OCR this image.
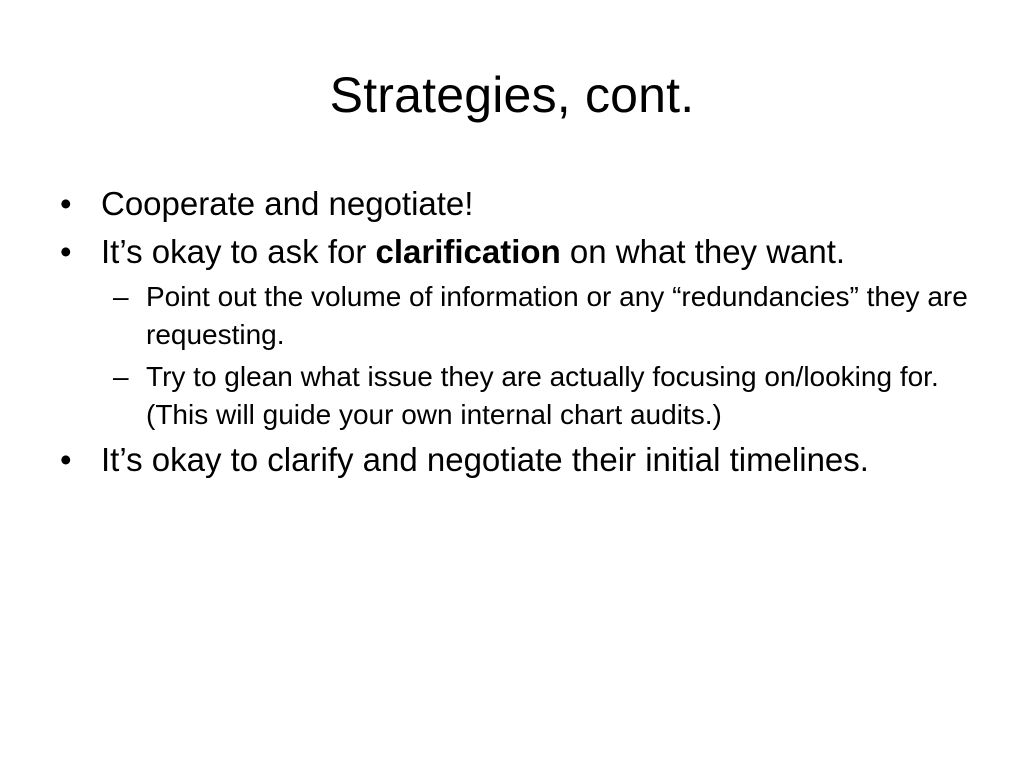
Strategies, cont.

• Cooperate and negotiate!

• It’s okay to ask for clarification on what they want.

– Point out the volume of information or any “redundancies” they are requesting.

– Try to glean what issue they are actually focusing on/looking for. (This will guide your own internal chart audits.)

• It’s okay to clarify and negotiate their initial timelines.
